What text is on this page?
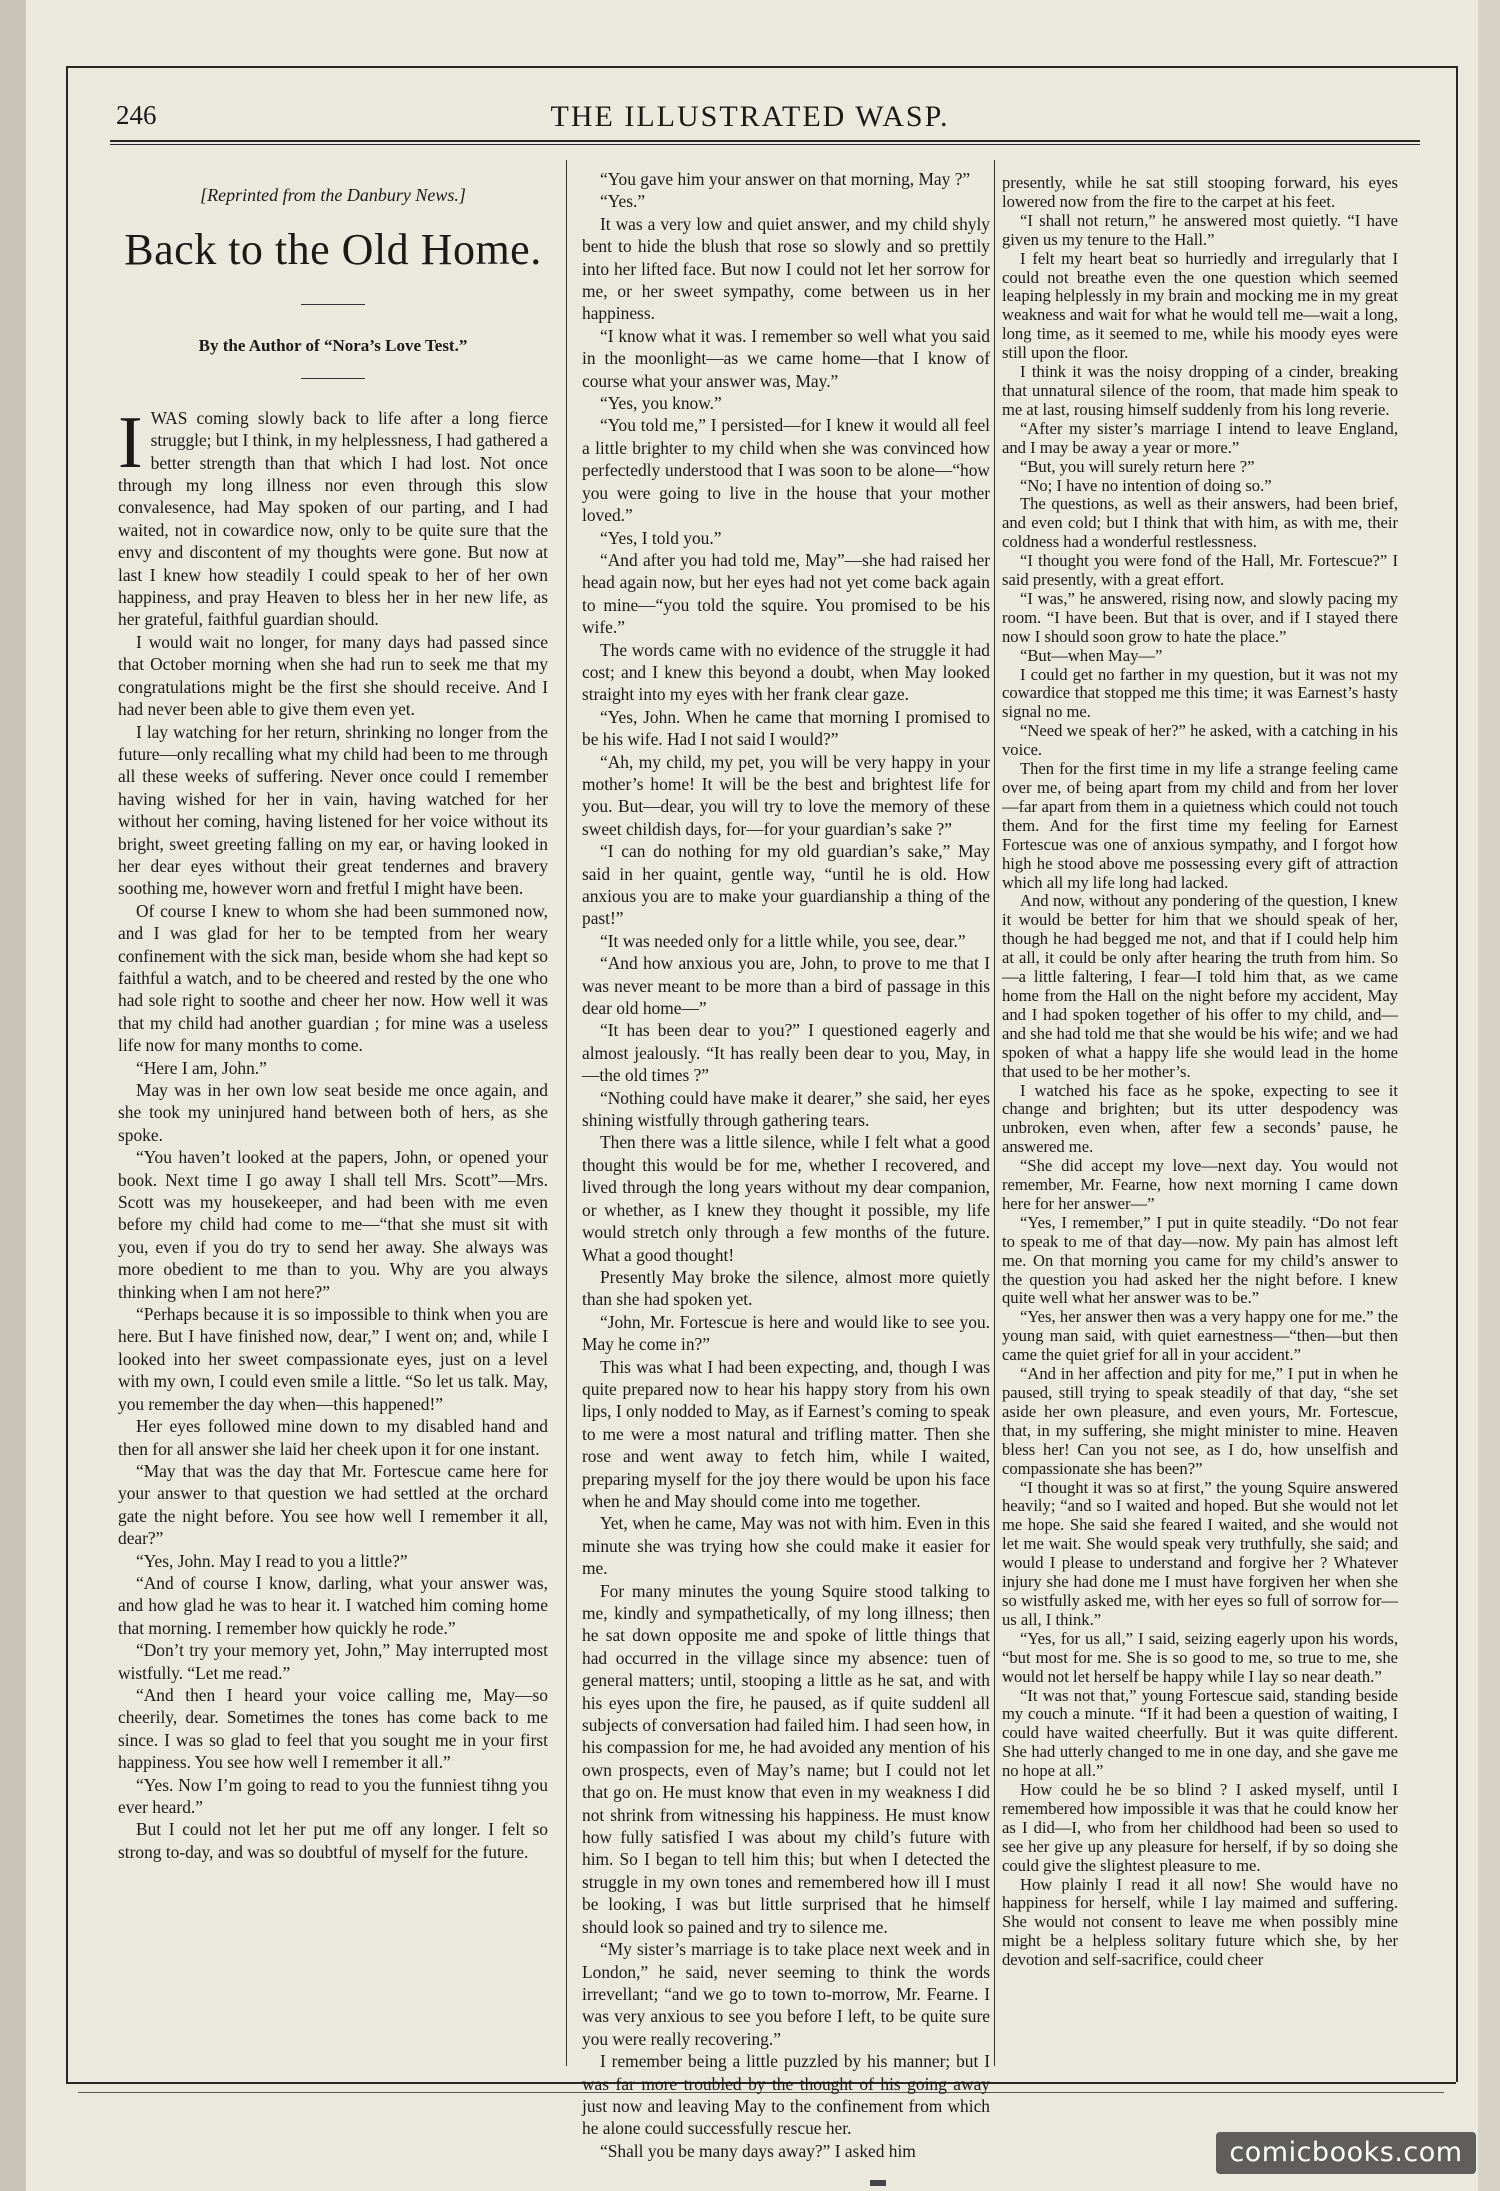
246	THE ILLUSTRATED WASP.
[Reprinted from the Danbury News.]
Back to the Old Home.
By the Author of “Nora’s Love Test.”

IWAS coming slowly back to life after a long fierce struggle; but I think, in my helplessness, I had gathered a better strength than that which I had lost. Not once through my long illness nor even through this slow convalesence, had May spoken of our parting, and I had waited, not in cowardice now, only to be quite sure that the envy and discontent of my thoughts were gone. But now at last I knew how steadily I could speak to her of her own happiness, and pray Heaven to bless her in her new life, as her grateful, faithful guardian should.

I would wait no longer, for many days had passed since that October morning when she had run to seek me that my congratulations might be the first she should receive. And I had never been able to give them even yet.

I lay watching for her return, shrinking no longer from the future—only recalling what my child had been to me through all these weeks of suffering. Never once could I remember having wished for her in vain, having watched for her without her coming, having listened for her voice without its bright, sweet greeting falling on my ear, or having looked in her dear eyes without their great tendernes and bravery soothing me, however worn and fretful I might have been.

Of course I knew to whom she had been summoned now, and I was glad for her to be tempted from her weary confinement with the sick man, beside whom she had kept so faithful a watch, and to be cheered and rested by the one who had sole right to soothe and cheer her now. How well it was that my child had another guardian ; for mine was a useless life now for many months to come.

“Here I am, John.”

May was in her own low seat beside me once again, and she took my uninjured hand between both of hers, as she spoke.

“You haven’t looked at the papers, John, or opened your book. Next time I go away I shall tell Mrs. Scott”—Mrs. Scott was my housekeeper, and had been with me even before my child had come to me—“that she must sit with you, even if you do try to send her away. She always was more obedient to me than to you. Why are you always thinking when I am not here?”

“Perhaps because it is so impossible to think when you are here. But I have finished now, dear,” I went on; and, while I looked into her sweet compassionate eyes, just on a level with my own, I could even smile a little. “So let us talk. May, you remember the day when—this happened!”

Her eyes followed mine down to my disabled hand and then for all answer she laid her cheek upon it for one instant.

“May that was the day that Mr. Fortescue came here for your answer to that question we had settled at the orchard gate the night before. You see how well I remember it all, dear?”

“Yes, John. May I read to you a little?”

“And of course I know, darling, what your answer was, and how glad he was to hear it. I watched him coming home that morning. I remember how quickly he rode.”

“Don’t try your memory yet, John,” May interrupted most wistfully. “Let me read.”

“And then I heard your voice calling me, May—so cheerily, dear. Sometimes the tones has come back to me since. I was so glad to feel that you sought me in your first happiness. You see how well I remember it all.”

“Yes. Now I’m going to read to you the funniest tihng you ever heard.”

But I could not let her put me off any longer. I felt so strong to-day, and was so doubtful of myself for the future.

“You gave him your answer on that morning, May ?”

“Yes.”

It was a very low and quiet answer, and my child shyly bent to hide the blush that rose so slowly and so prettily into her lifted face. But now I could not let her sorrow for me, or her sweet sympathy, come between us in her happiness.

“I know what it was. I remember so well what you said in the moonlight—as we came home—that I know of course what your answer was, May.”

“Yes, you know.”

“You told me,” I persisted—for I knew it would all feel a little brighter to my child when she was convinced how perfectedly understood that I was soon to be alone—“how you were going to live in the house that your mother loved.”

“Yes, I told you.”

“And after you had told me, May”—she had raised her head again now, but her eyes had not yet come back again to mine—“you told the squire. You promised to be his wife.”

The words came with no evidence of the struggle it had cost; and I knew this beyond a doubt, when May looked straight into my eyes with her frank clear gaze.

“Yes, John. When he came that morning I promised to be his wife. Had I not said I would?”

“Ah, my child, my pet, you will be very happy in your mother’s home! It will be the best and brightest life for you. But—dear, you will try to love the memory of these sweet childish days, for—for your guardian’s sake ?”

“I can do nothing for my old guardian’s sake,” May said in her quaint, gentle way, “until he is old. How anxious you are to make your guardianship a thing of the past!”

“It was needed only for a little while, you see, dear.”

“And how anxious you are, John, to prove to me that I was never meant to be more than a bird of passage in this dear old home—”

“It has been dear to you?” I questioned eagerly and almost jealously. “It has really been dear to you, May, in—the old times ?”

“Nothing could have make it dearer,” she said, her eyes shining wistfully through gathering tears.

Then there was a little silence, while I felt what a good thought this would be for me, whether I recovered, and lived through the long years without my dear companion, or whether, as I knew they thought it possible, my life would stretch only through a few months of the future. What a good thought!

Presently May broke the silence, almost more quietly than she had spoken yet.

“John, Mr. Fortescue is here and would like to see you. May he come in?”

This was what I had been expecting, and, though I was quite prepared now to hear his happy story from his own lips, I only nodded to May, as if Earnest’s coming to speak to me were a most natural and trifling matter. Then she rose and went away to fetch him, while I waited, preparing myself for the joy there would be upon his face when he and May should come into me together.

Yet, when he came, May was not with him. Even in this minute she was trying how she could make it easier for me.

For many minutes the young Squire stood talking to me, kindly and sympathetically, of my long illness; then he sat down opposite me and spoke of little things that had occurred in the village since my absence: tuen of general matters; until, stooping a little as he sat, and with his eyes upon the fire, he paused, as if quite suddenl all subjects of conversation had failed him. I had seen how, in his compassion for me, he had avoided any mention of his own prospects, even of May’s name; but I could not let that go on. He must know that even in my weakness I did not shrink from witnessing his happiness. He must know how fully satisfied I was about my child’s future with him. So I began to tell him this; but when I detected the struggle in my own tones and remembered how ill I must be looking, I was but little surprised that he himself should look so pained and try to silence me.

“My sister’s marriage is to take place next week and in London,” he said, never seeming to think the words irrevellant; “and we go to town to-morrow, Mr. Fearne. I was very anxious to see you before I left, to be quite sure you were really recovering.”

I remember being a little puzzled by his manner; but I was far more troubled by the thought of his going away just now and leaving May to the confinement from which he alone could successfully rescue her.

“Shall you be many days away?” I asked him

presently, while he sat still stooping forward, his eyes lowered now from the fire to the carpet at his feet.

“I shall not return,” he answered most quietly. “I have given us my tenure to the Hall.”

I felt my heart beat so hurriedly and irregularly that I could not breathe even the one question which seemed leaping helplessly in my brain and mocking me in my great weakness and wait for what he would tell me—wait a long, long time, as it seemed to me, while his moody eyes were still upon the floor.

I think it was the noisy dropping of a cinder, breaking that unnatural silence of the room, that made him speak to me at last, rousing himself suddenly from his long reverie.

“After my sister’s marriage I intend to leave England, and I may be away a year or more.”

“But, you will surely return here ?”

“No; I have no intention of doing so.”

The questions, as well as their answers, had been brief, and even cold; but I think that with him, as with me, their coldness had a wonderful restlessness.

“I thought you were fond of the Hall, Mr. Fortescue?” I said presently, with a great effort.

“I was,” he answered, rising now, and slowly pacing my room. “I have been. But that is over, and if I stayed there now I should soon grow to hate the place.”

“But—when May—”

I could get no farther in my question, but it was not my cowardice that stopped me this time; it was Earnest’s hasty signal no me.

“Need we speak of her?” he asked, with a catching in his voice.

Then for the first time in my life a strange feeling came over me, of being apart from my child and from her lover—far apart from them in a quietness which could not touch them. And for the first time my feeling for Earnest Fortescue was one of anxious sympathy, and I forgot how high he stood above me possessing every gift of attraction which all my life long had lacked.

And now, without any pondering of the question, I knew it would be better for him that we should speak of her, though he had begged me not, and that if I could help him at all, it could be only after hearing the truth from him. So—a little faltering, I fear—I told him that, as we came home from the Hall on the night before my accident, May and I had spoken together of his offer to my child, and—and she had told me that she would be his wife; and we had spoken of what a happy life she would lead in the home that used to be her mother’s.

I watched his face as he spoke, expecting to see it change and brighten; but its utter despodency was unbroken, even when, after few a seconds’ pause, he answered me.

“She did accept my love—next day. You would not remember, Mr. Fearne, how next morning I came down here for her answer—”

“Yes, I remember,” I put in quite steadily. “Do not fear to speak to me of that day—now. My pain has almost left me. On that morning you came for my child’s answer to the question you had asked her the night before. I knew quite well what her answer was to be.”

“Yes, her answer then was a very happy one for me.” the young man said, with quiet earnestness—“then—but then came the quiet grief for all in your accident.”

“And in her affection and pity for me,” I put in when he paused, still trying to speak steadily of that day, “she set aside her own pleasure, and even yours, Mr. Fortescue, that, in my suffering, she might minister to mine. Heaven bless her! Can you not see, as I do, how unselfish and compassionate she has been?”

“I thought it was so at first,” the young Squire answered heavily; “and so I waited and hoped. But she would not let me hope. She said she feared I waited, and she would not let me wait. She would speak very truthfully, she said; and would I please to understand and forgive her ? Whatever injury she had done me I must have forgiven her when she so wistfully asked me, with her eyes so full of sorrow for—us all, I think.”

“Yes, for us all,” I said, seizing eagerly upon his words, “but most for me. She is so good to me, so true to me, she would not let herself be happy while I lay so near death.”

“It was not that,” young Fortescue said, standing beside my couch a minute. “If it had been a question of waiting, I could have waited cheerfully. But it was quite different. She had utterly changed to me in one day, and she gave me no hope at all.”

How could he be so blind ? I asked myself, until I remembered how impossible it was that he could know her as I did—I, who from her childhood had been so used to see her give up any pleasure for herself, if by so doing she could give the slightest pleasure to me.

How plainly I read it all now! She would have no happiness for herself, while I lay maimed and suffering. She would not consent to leave me when possibly mine might be a helpless solitary future which she, by her devotion and self-sacrifice, could cheer

comicbooks.com
